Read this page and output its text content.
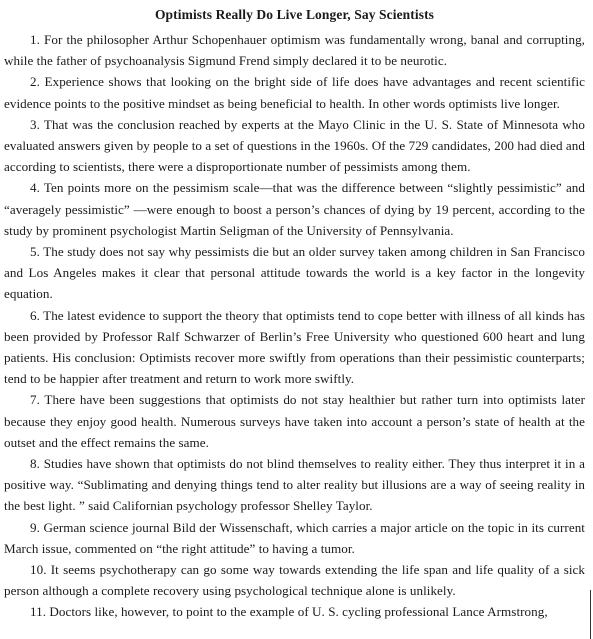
Optimists Really Do Live Longer, Say Scientists

1. For the philosopher Arthur Schopenhauer optimism was fundamentally wrong, banal and corrupting, while the father of psychoanalysis Sigmund Frend simply declared it to be neurotic.

2. Experience shows that looking on the bright side of life does have advantages and recent scientific evidence points to the positive mindset as being beneficial to health. In other words optimists live longer.

3. That was the conclusion reached by experts at the Mayo Clinic in the U. S. State of Minnesota who evaluated answers given by people to a set of questions in the 1960s. Of the 729 candidates, 200 had died and according to scientists, there were a disproportionate number of pessimists among them.

4. Ten points more on the pessimism scale—that was the difference between “slightly pessimistic” and “averagely pessimistic” —were enough to boost a person’s chances of dying by 19 percent, according to the study by prominent psychologist Martin Seligman of the University of Pennsylvania.

5. The study does not say why pessimists die but an older survey taken among children in San Francisco and Los Angeles makes it clear that personal attitude towards the world is a key factor in the longevity equation.

6. The latest evidence to support the theory that optimists tend to cope better with illness of all kinds has been provided by Professor Ralf Schwarzer of Berlin’s Free University who questioned 600 heart and lung patients. His conclusion: Optimists recover more swiftly from operations than their pessimistic counterparts; tend to be happier after treatment and return to work more swiftly.

7. There have been suggestions that optimists do not stay healthier but rather turn into optimists later because they enjoy good health. Numerous surveys have taken into account a person’s state of health at the outset and the effect remains the same.

8. Studies have shown that optimists do not blind themselves to reality either. They thus interpret it in a positive way. “Sublimating and denying things tend to alter reality but illusions are a way of seeing reality in the best light. ” said Californian psychology professor Shelley Taylor.

9. German science journal Bild der Wissenschaft, which carries a major article on the topic in its current March issue, commented on “the right attitude” to having a tumor.

10. It seems psychotherapy can go some way towards extending the life span and life quality of a sick person although a complete recovery using psychological technique alone is unlikely.

11. Doctors like, however, to point to the example of U. S. cycling professional Lance Armstrong,
